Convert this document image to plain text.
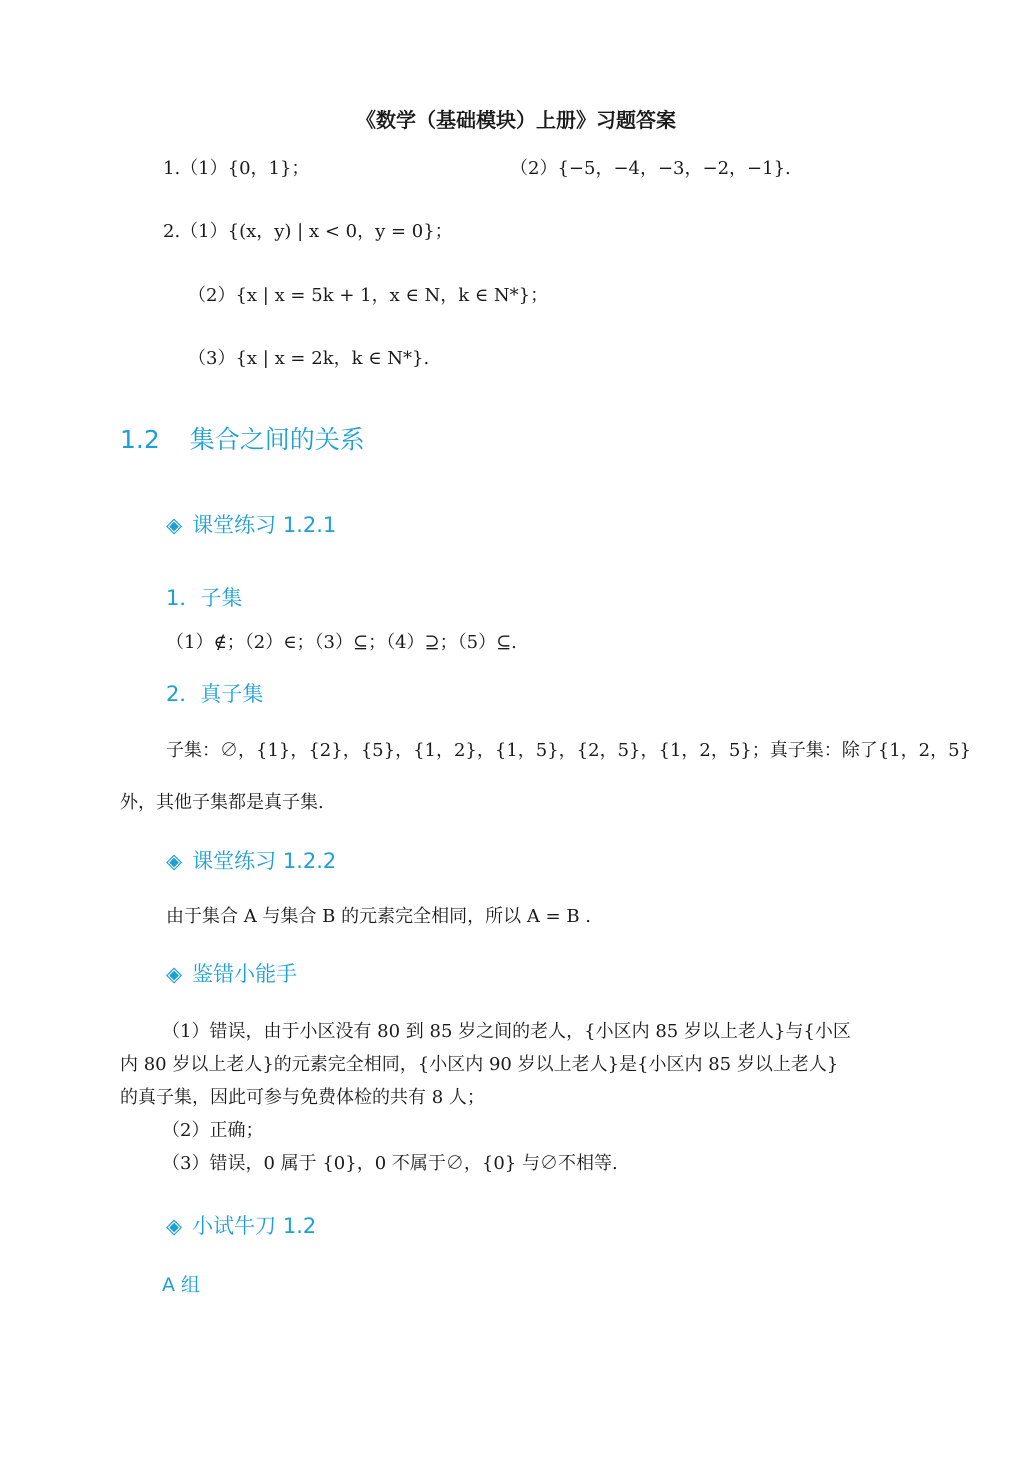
《数学（基础模块）上册》习题答案
1.（1）{0，1}；	（2）{−5，−4，−3，−2，−1}.
2.（1）{(x，y) | x < 0，y = 0}；
（2）{x | x = 5k + 1，x ∈ N，k ∈ N*}；
（3）{x | x = 2k，k ∈ N*}.
1.2 集合之间的关系
◈ 课堂练习 1.2.1
1．子集
（1）∉；（2）∈；（3）⊆；（4）⊇；（5）⊆.
2．真子集
子集：∅，{1}，{2}，{5}，{1，2}，{1，5}，{2，5}，{1，2，5}；真子集：除了{1，2，5}
外，其他子集都是真子集.
◈ 课堂练习 1.2.2
由于集合 A 与集合 B 的元素完全相同，所以 A = B .
◈ 鉴错小能手

（1）错误，由于小区没有 80 到 85 岁之间的老人，{小区内 85 岁以上老人}与{小区

内 80 岁以上老人}的元素完全相同，{小区内 90 岁以上老人}是{小区内 85 岁以上老人}

的真子集，因此可参与免费体检的共有 8 人；

（2）正确；

（3）错误，0 属于 {0}，0 不属于∅，{0} 与∅不相等.

◈ 小试牛刀 1.2
A 组
